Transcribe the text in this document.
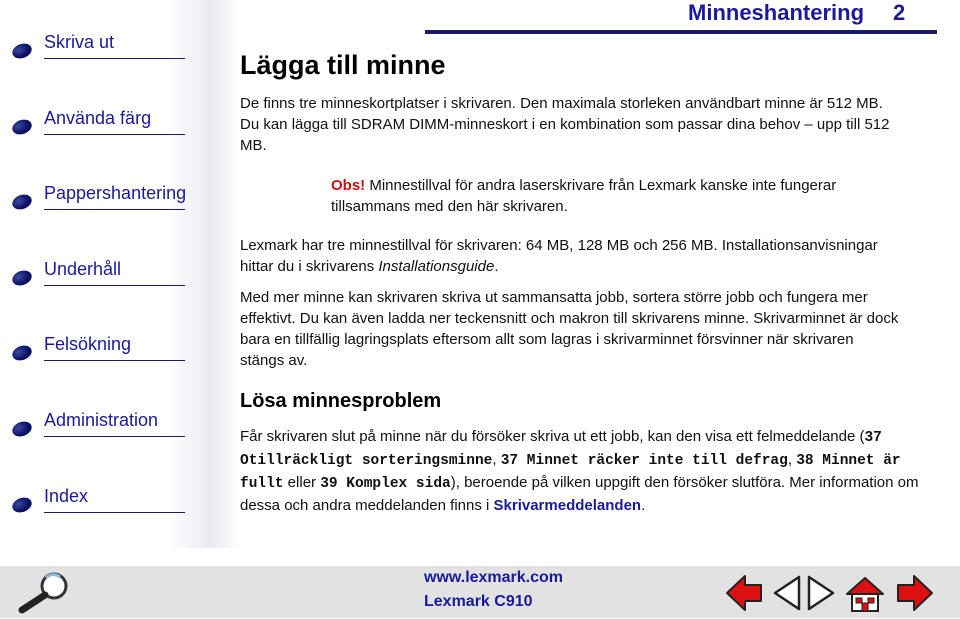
Skriva ut
Använda färg
Pappershantering
Underhåll
Felsökning
Administration
Index
Minneshantering 2
Lägga till minne
De finns tre minneskortplatser i skrivaren. Den maximala storleken användbart minne är 512 MB. Du kan lägga till SDRAM DIMM-minneskort i en kombination som passar dina behov – upp till 512 MB.
Obs! Minnestillval för andra laserskrivare från Lexmark kanske inte fungerar tillsammans med den här skrivaren.
Lexmark har tre minnestillval för skrivaren: 64 MB, 128 MB och 256 MB. Installationsanvisningar hittar du i skrivarens Installationsguide.
Med mer minne kan skrivaren skriva ut sammansatta jobb, sortera större jobb och fungera mer effektivt. Du kan även ladda ner teckensnitt och makron till skrivarens minne. Skrivarminnet är dock bara en tillfällig lagringsplats eftersom allt som lagras i skrivarminnet försvinner när skrivaren stängs av.
Lösa minnesproblem
Får skrivaren slut på minne när du försöker skriva ut ett jobb, kan den visa ett felmeddelande (37 Otillräckligt sorteringsminne, 37 Minnet räcker inte till defrag, 38 Minnet är fullt eller 39 Komplex sida), beroende på vilken uppgift den försöker slutföra. Mer information om dessa och andra meddelanden finns i Skrivarmeddelanden.
www.lexmark.com
Lexmark C910
